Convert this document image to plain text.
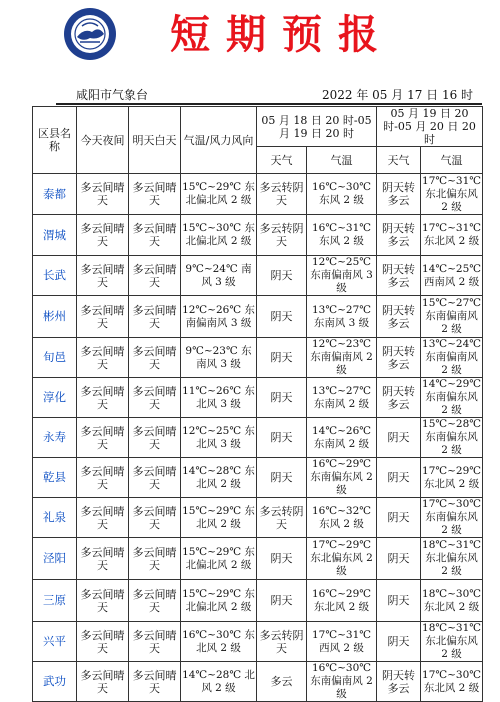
短期预报
咸阳市气象台	2022 年 05 月 17 日 16 时
区县名称	今天夜间	明天白天	气温/风力风向	05 月 18 日 20 时-05 月 19 日 20 时		05 月 19 日 20 时-05 月 20 日 20 时	
				天气	气温	天气	气温
泰都	多云间晴天	多云间晴天	15℃~29℃ 东北偏北风 2 级	多云转阴天	16℃~30℃ 东风 2 级	阴天转多云	17℃~31℃ 东北偏东风 2 级
渭城	多云间晴天	多云间晴天	15℃~30℃ 东北偏北风 2 级	多云转阴天	16℃~31℃ 东风 2 级	阴天转多云	17℃~31℃ 东北风 2 级
长武	多云间晴天	多云间晴天	9℃~24℃ 南风 3 级	阴天	12℃~25℃ 东南偏南风 3 级	阴天转多云	14℃~25℃ 西南风 2 级
彬州	多云间晴天	多云间晴天	12℃~26℃ 东南偏南风 3 级	阴天	13℃~27℃ 东南风 3 级	阴天转多云	15℃~27℃ 东南偏南风 2 级
旬邑	多云间晴天	多云间晴天	9℃~23℃ 东南风 3 级	阴天	12℃~23℃ 东南偏南风 2 级	阴天转多云	13℃~24℃ 东南偏南风 2 级
淳化	多云间晴天	多云间晴天	11℃~26℃ 东北风 3 级	阴天	13℃~27℃ 东南风 2 级	阴天转多云	14℃~29℃ 东南偏东风 2 级
永寿	多云间晴天	多云间晴天	12℃~25℃ 东北风 3 级	阴天	14℃~26℃ 东南风 2 级	阴天	15℃~28℃ 东南偏东风 2 级
乾县	多云间晴天	多云间晴天	14℃~28℃ 东北风 2 级	阴天	16℃~29℃ 东南偏东风 2 级	阴天	17℃~29℃ 东北风 2 级
礼泉	多云间晴天	多云间晴天	15℃~29℃ 东北风 2 级	多云转阴天	16℃~32℃ 东风 2 级	阴天	17℃~30℃ 东南偏东风 2 级
泾阳	多云间晴天	多云间晴天	15℃~29℃ 东北偏北风 2 级	阴天	17℃~29℃ 东北偏东风 2 级	阴天	18℃~31℃ 东北偏东风 2 级
三原	多云间晴天	多云间晴天	15℃~29℃ 东北偏北风 2 级	阴天	16℃~29℃ 东北风 2 级	阴天	18℃~30℃ 东北风 2 级
兴平	多云间晴天	多云间晴天	16℃~30℃ 东北风 2 级	多云转阴天	17℃~31℃ 西风 2 级	阴天	18℃~31℃ 东北偏东风 2 级
武功	多云间晴天	多云间晴天	14℃~28℃ 北风 2 级	多云	16℃~30℃ 东南偏南风 2 级	阴天转多云	17℃~30℃ 东北风 2 级
